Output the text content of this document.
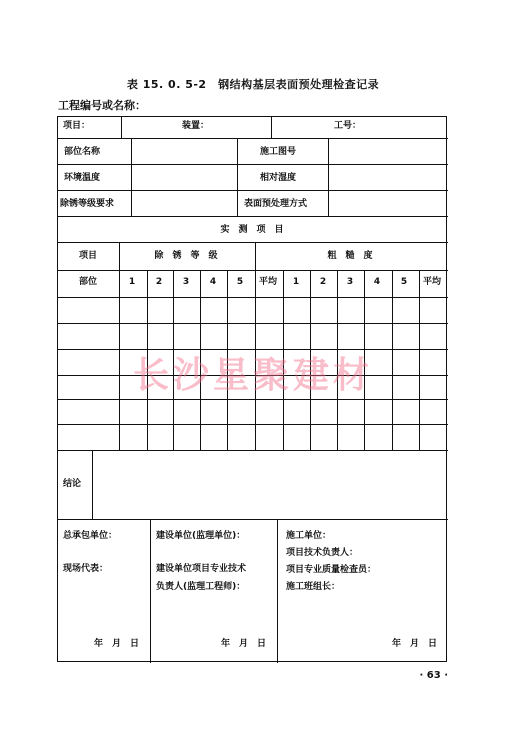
表 15. 0. 5-2　钢结构基层表面预处理检查记录
工程编号或名称：
项目：	装置：	工号：
部位名称	施工图号
环境温度	相对湿度
除锈等级要求	表面预处理方式
实　测　项　目
项目	除　锈　等　级	粗　糙　度
部位	1 2 3 4 5 平均 1 2 3 4 5 平均
结论
总承包单位：
现场代表：
建设单位(监理单位)：
建设单位项目专业技术
负责人(监理工程师)：
施工单位：
项目技术负责人：
项目专业质量检查员：
施工班组长：
年　月　日	年　月　日	年　月　日
长沙星聚建材
· 63 ·
